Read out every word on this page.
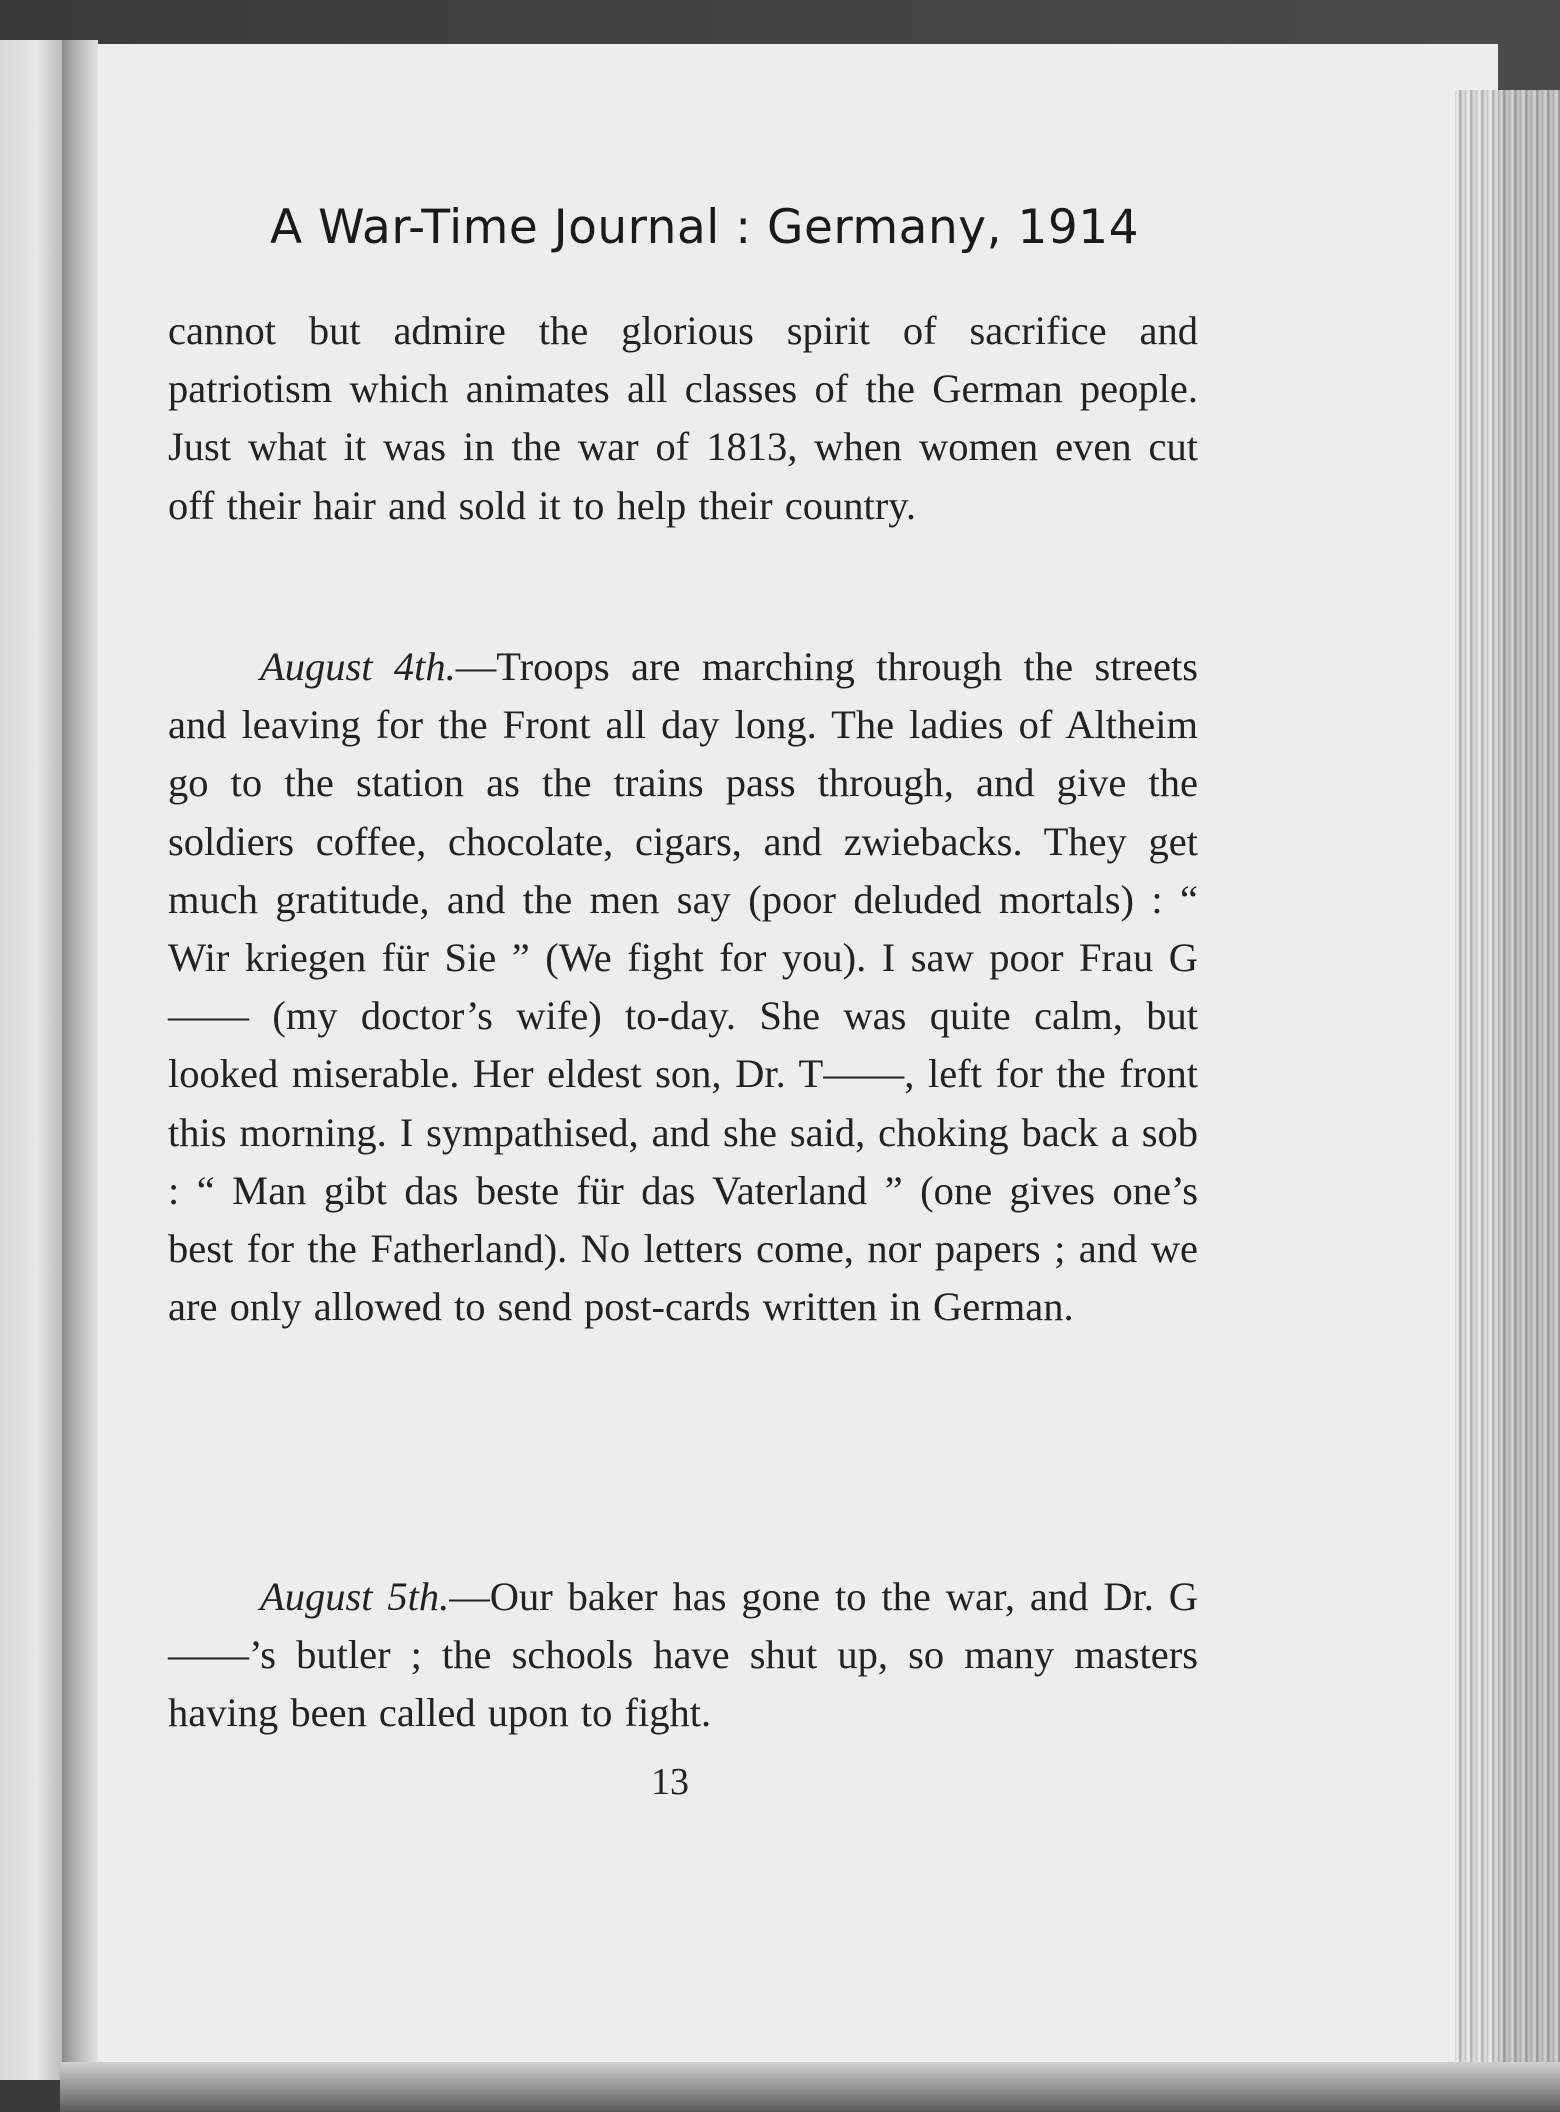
A War-Time Journal : Germany, 1914

cannot but admire the glorious spirit of sacrifice and patriotism which animates all classes of the German people. Just what it was in the war of 1813, when women even cut off their hair and sold it to help their country.

August 4th.—Troops are marching through the streets and leaving for the Front all day long. The ladies of Altheim go to the station as the trains pass through, and give the soldiers coffee, chocolate, cigars, and zwiebacks. They get much gratitude, and the men say (poor deluded mortals) : “ Wir kriegen für Sie ” (We fight for you). I saw poor Frau G—— (my doctor’s wife) to-day. She was quite calm, but looked miserable. Her eldest son, Dr. T——, left for the front this morning. I sympathised, and she said, choking back a sob : “ Man gibt das beste für das Vaterland ” (one gives one’s best for the Fatherland). No letters come, nor papers ; and we are only allowed to send post-cards written in German.

August 5th.—Our baker has gone to the war, and Dr. G——’s butler ; the schools have shut up, so many masters having been called upon to fight.

13
